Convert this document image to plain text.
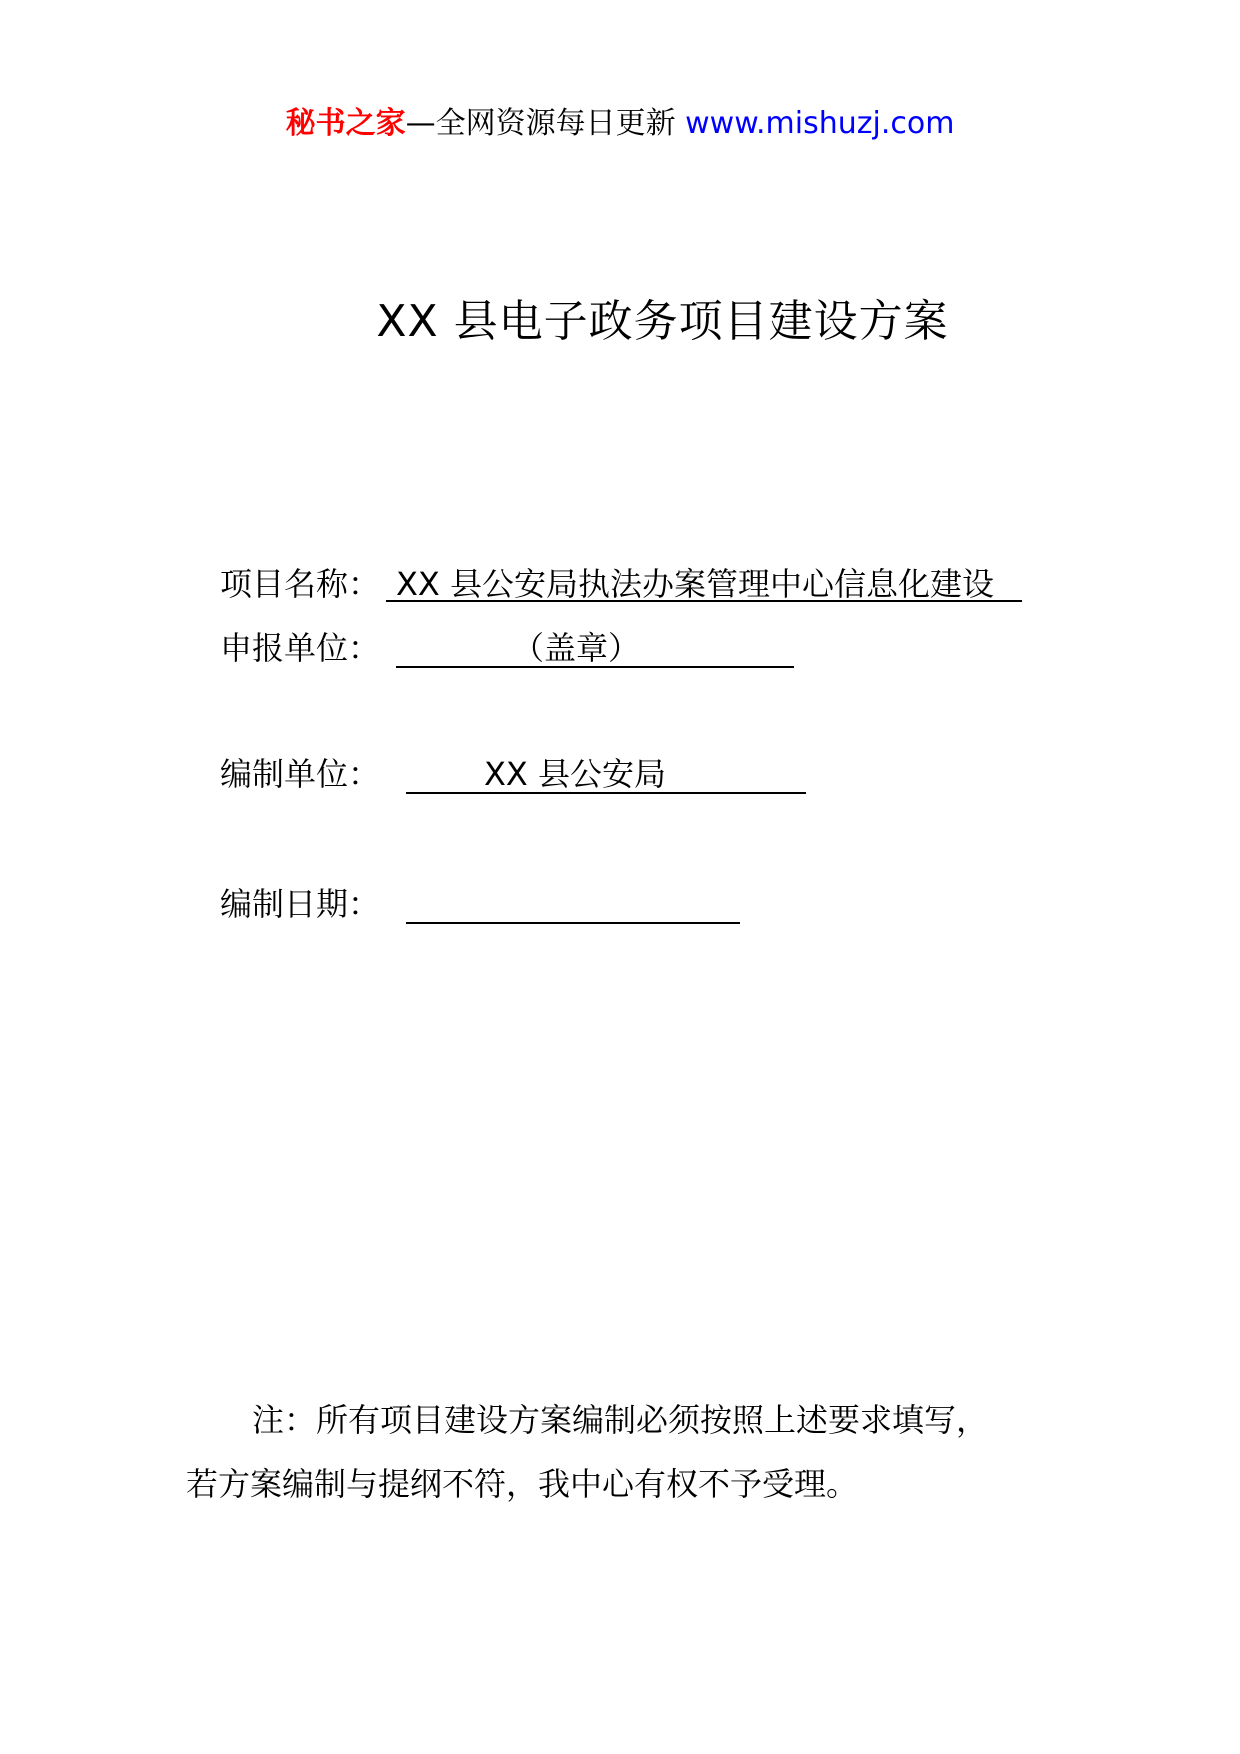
秘书之家—全网资源每日更新 www.mishuzj.com
XX 县电子政务项目建设方案
项目名称： XX 县公安局执法办案管理中心信息化建设
申报单位：	（盖章）
编制单位：	XX 县公安局
编制日期：
注：所有项目建设方案编制必须按照上述要求填写，
若方案编制与提纲不符，我中心有权不予受理。
